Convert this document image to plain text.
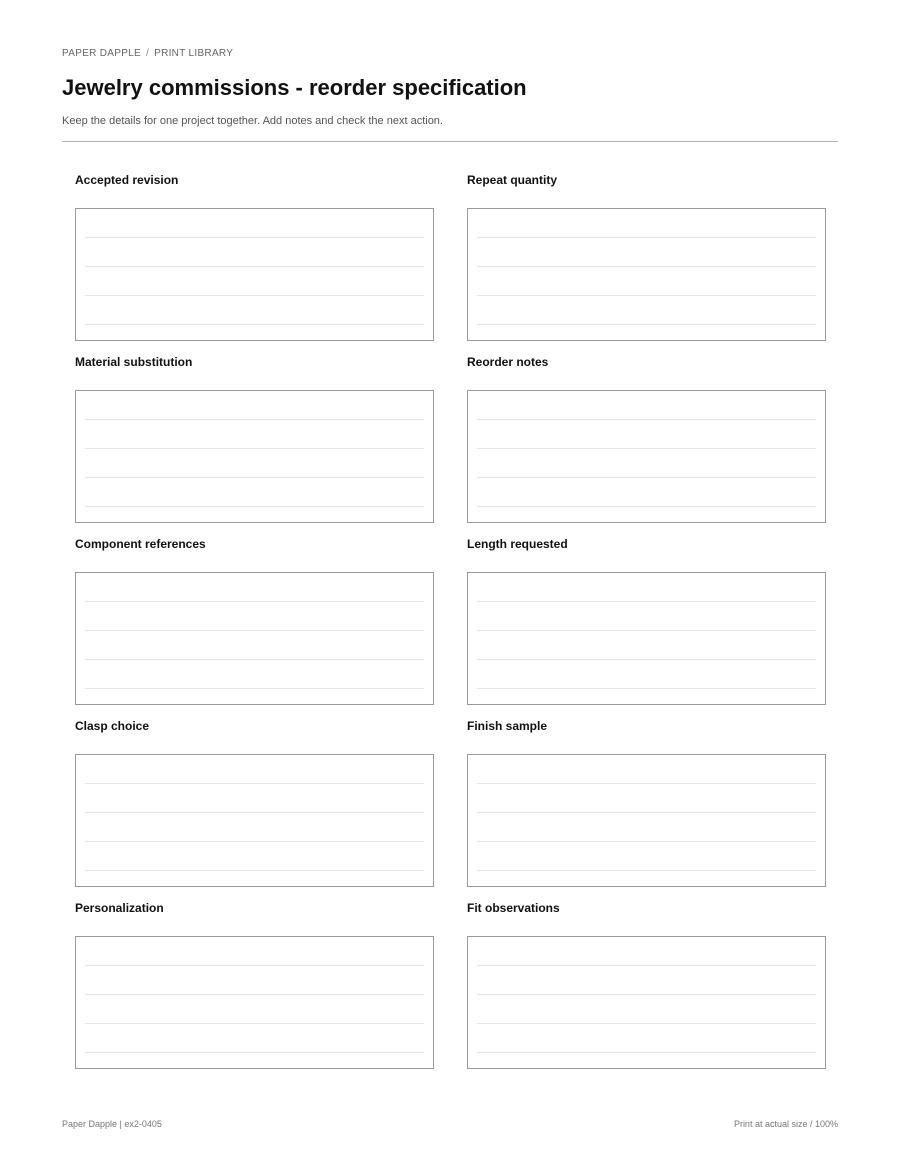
PAPER DAPPLE / PRINT LIBRARY
Jewelry commissions - reorder specification
Keep the details for one project together. Add notes and check the next action.
Accepted revision	Repeat quantity
Material substitution	Reorder notes
Component references	Length requested
Clasp choice	Finish sample
Personalization	Fit observations
Paper Dapple | ex2-0405	Print at actual size / 100%
